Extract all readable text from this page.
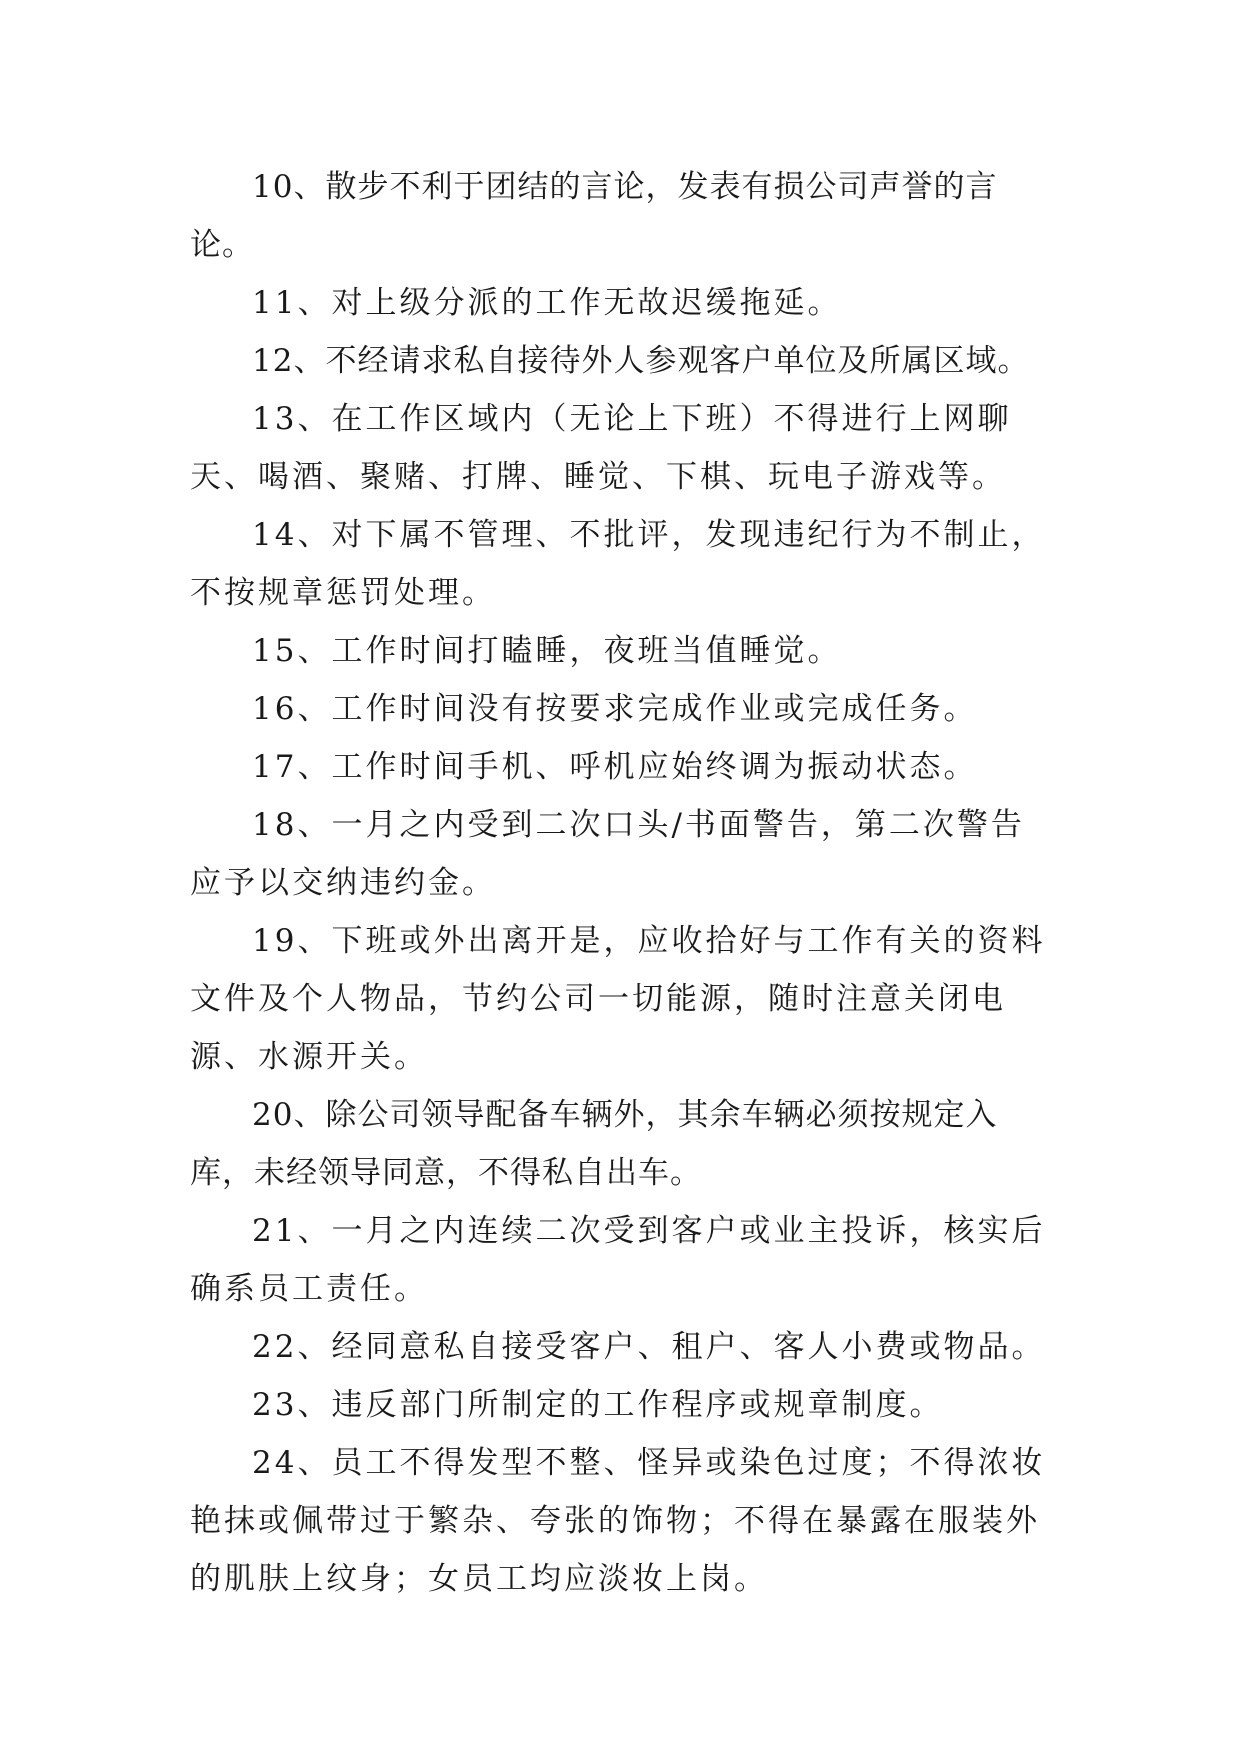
10、散步不利于团结的言论，发表有损公司声誉的言论。

11、对上级分派的工作无故迟缓拖延。

12、不经请求私自接待外人参观客户单位及所属区域。

13、在工作区域内（无论上下班）不得进行上网聊天、喝酒、聚赌、打牌、睡觉、下棋、玩电子游戏等。

14、对下属不管理、不批评，发现违纪行为不制止，不按规章惩罚处理。

15、工作时间打瞌睡，夜班当值睡觉。

16、工作时间没有按要求完成作业或完成任务。

17、工作时间手机、呼机应始终调为振动状态。

18、一月之内受到二次口头/书面警告，第二次警告应予以交纳违约金。

19、下班或外出离开是，应收拾好与工作有关的资料文件及个人物品，节约公司一切能源，随时注意关闭电源、水源开关。

20、除公司领导配备车辆外，其余车辆必须按规定入库，未经领导同意，不得私自出车。

21、一月之内连续二次受到客户或业主投诉，核实后确系员工责任。

22、经同意私自接受客户、租户、客人小费或物品。

23、违反部门所制定的工作程序或规章制度。

24、员工不得发型不整、怪异或染色过度；不得浓妆艳抹或佩带过于繁杂、夸张的饰物；不得在暴露在服装外的肌肤上纹身；女员工均应淡妆上岗。
